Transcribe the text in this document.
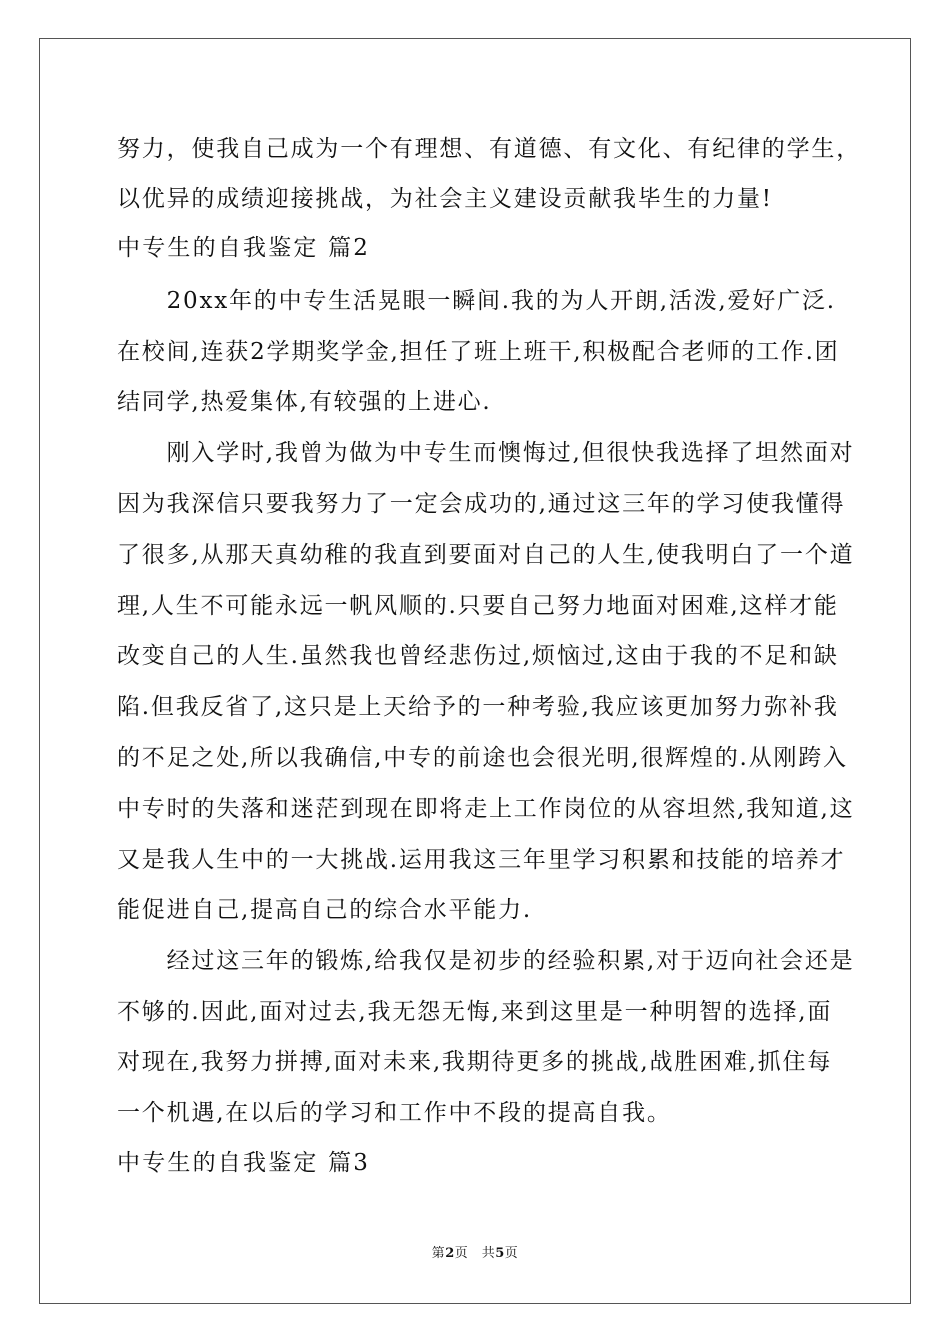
努力，使我自己成为一个有理想、有道德、有文化、有纪律的学生，
以优异的成绩迎接挑战，为社会主义建设贡献我毕生的力量!
中专生的自我鉴定 篇2
　　20xx年的中专生活晃眼一瞬间.我的为人开朗,活泼,爱好广泛.
在校间,连获2学期奖学金,担任了班上班干,积极配合老师的工作.团
结同学,热爱集体,有较强的上进心.
　　刚入学时,我曾为做为中专生而懊悔过,但很快我选择了坦然面对
因为我深信只要我努力了一定会成功的,通过这三年的学习使我懂得
了很多,从那天真幼稚的我直到要面对自己的人生,使我明白了一个道
理,人生不可能永远一帆风顺的.只要自己努力地面对困难,这样才能
改变自己的人生.虽然我也曾经悲伤过,烦恼过,这由于我的不足和缺
陷.但我反省了,这只是上天给予的一种考验,我应该更加努力弥补我
的不足之处,所以我确信,中专的前途也会很光明,很辉煌的.从刚跨入
中专时的失落和迷茫到现在即将走上工作岗位的从容坦然,我知道,这
又是我人生中的一大挑战.运用我这三年里学习积累和技能的培养才
能促进自己,提高自己的综合水平能力.
　　经过这三年的锻炼,给我仅是初步的经验积累,对于迈向社会还是
不够的.因此,面对过去,我无怨无悔,来到这里是一种明智的选择,面
对现在,我努力拼搏,面对未来,我期待更多的挑战,战胜困难,抓住每
一个机遇,在以后的学习和工作中不段的提高自我。
中专生的自我鉴定 篇3
第2页　共5页
